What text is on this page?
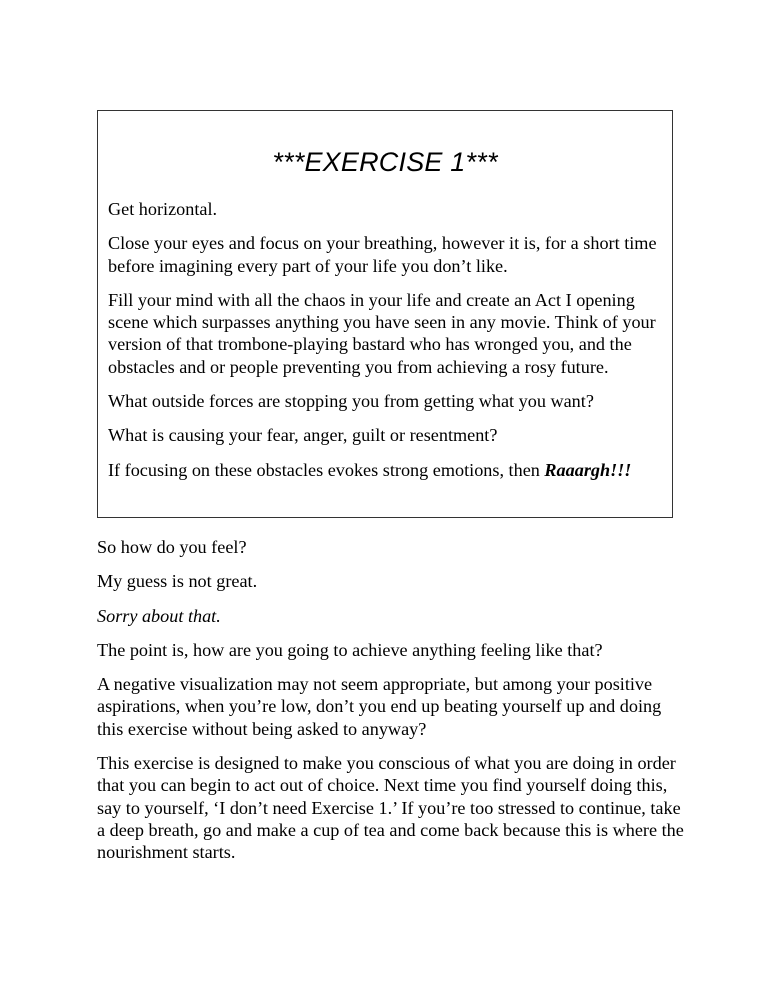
***EXERCISE 1***

Get horizontal.

Close your eyes and focus on your breathing, however it is, for a short time before imagining every part of your life you don’t like.

Fill your mind with all the chaos in your life and create an Act I opening scene which surpasses anything you have seen in any movie. Think of your version of that trombone-playing bastard who has wronged you, and the obstacles and or people preventing you from achieving a rosy future.

What outside forces are stopping you from getting what you want?

What is causing your fear, anger, guilt or resentment?

If focusing on these obstacles evokes strong emotions, then Raaargh!!!

So how do you feel?

My guess is not great.

Sorry about that.

The point is, how are you going to achieve anything feeling like that?

A negative visualization may not seem appropriate, but among your positive aspirations, when you’re low, don’t you end up beating yourself up and doing this exercise without being asked to anyway?

This exercise is designed to make you conscious of what you are doing in order that you can begin to act out of choice. Next time you find yourself doing this, say to yourself, ‘I don’t need Exercise 1.’ If you’re too stressed to continue, take a deep breath, go and make a cup of tea and come back because this is where the nourishment starts.
